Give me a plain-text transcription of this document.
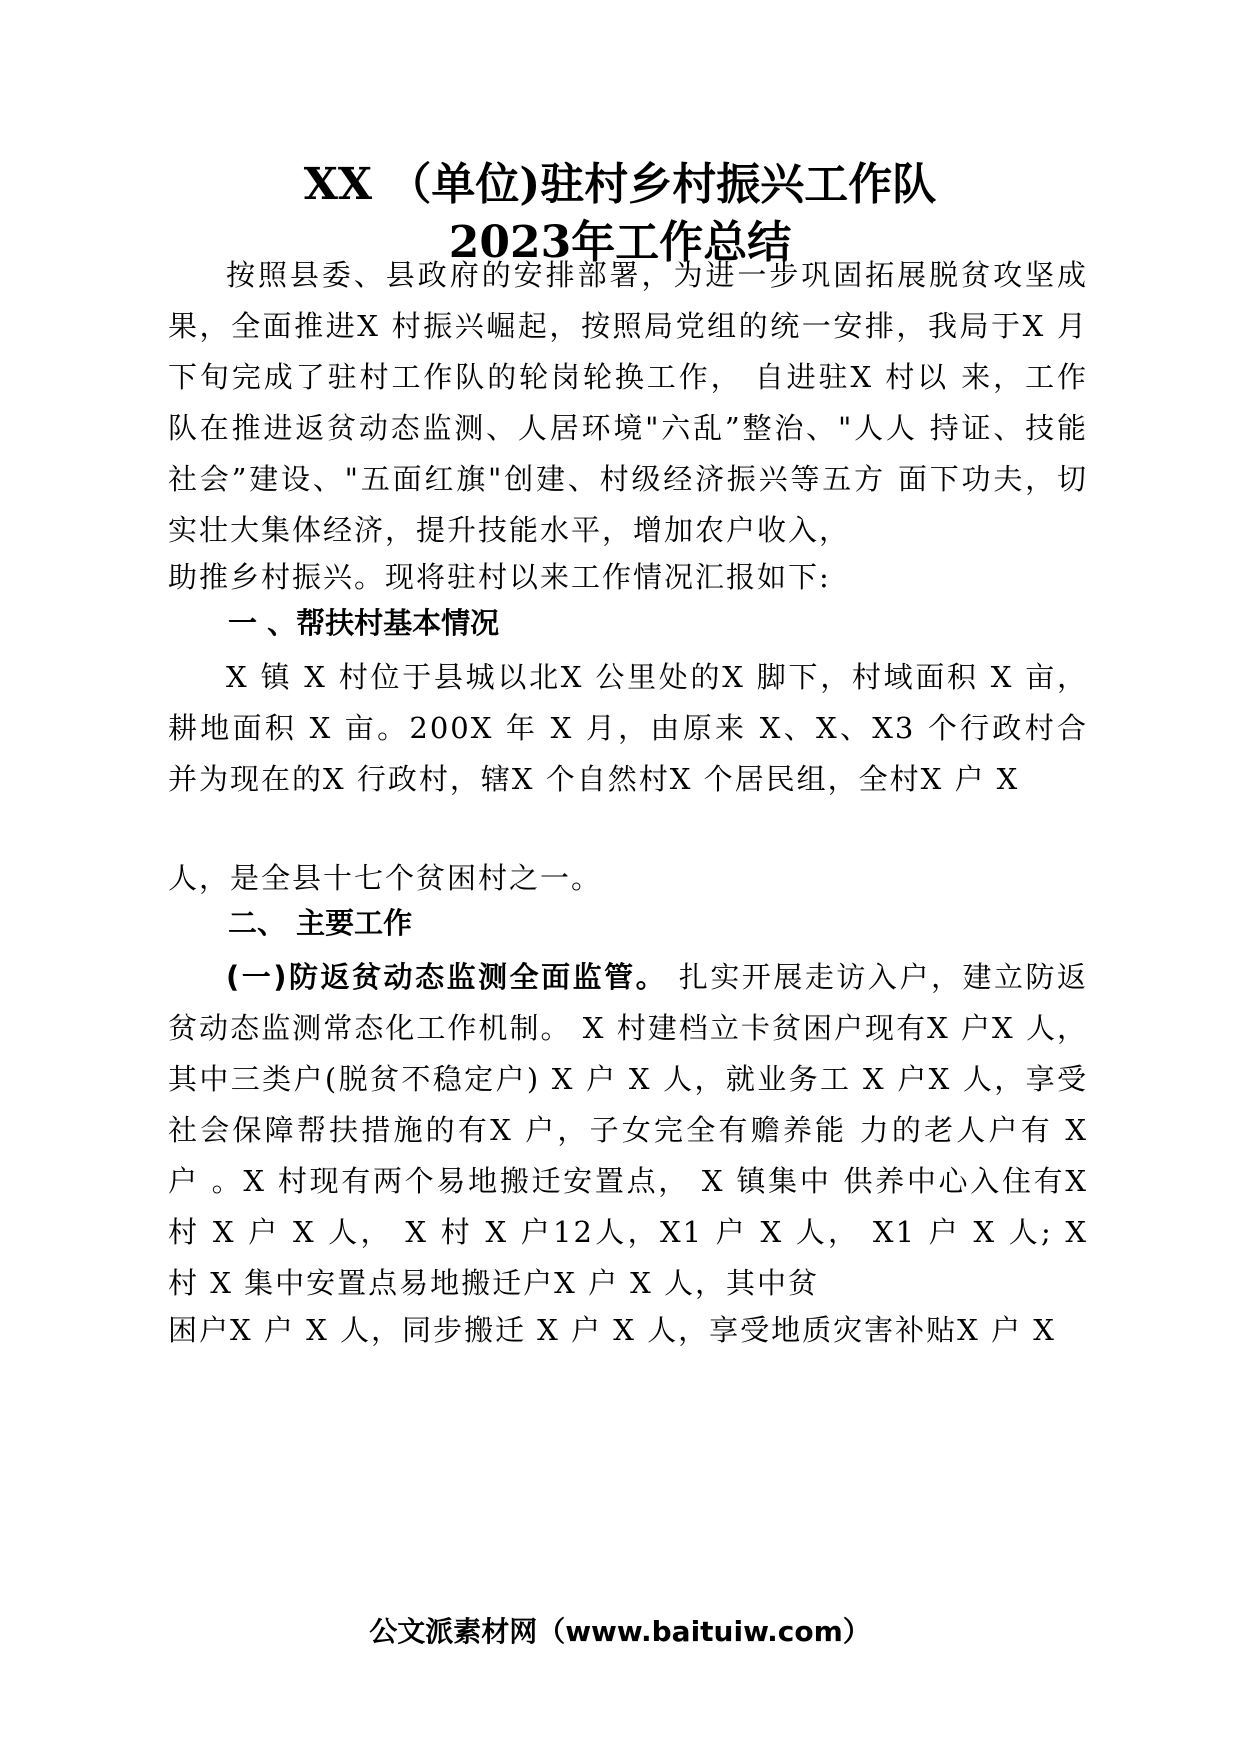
XX （单位)驻村乡村振兴工作队
2023年工作总结

按照县委、县政府的安排部署，为进一步巩固拓展脱贫攻坚成果，全面推进X 村振兴崛起，按照局党组的统一安排，我局于X 月下旬完成了驻村工作队的轮岗轮换工作， 自进驻X 村以 来，工作队在推进返贫动态监测、人居环境"六乱”整治、"人人 持证、技能社会”建设、"五面红旗"创建、村级经济振兴等五方 面下功夫，切实壮大集体经济，提升技能水平，增加农户收入，

助推乡村振兴。现将驻村以来工作情况汇报如下:

一 、帮扶村基本情况

X 镇 X 村位于县城以北X 公里处的X 脚下，村域面积 X 亩， 耕地面积 X 亩。200X 年 X 月，由原来 X、X、X3 个行政村合 并为现在的X 行政村，辖X 个自然村X 个居民组，全村X 户 X

人，是全县十七个贫困村之一。

二、 主要工作

(一)防返贫动态监测全面监管。 扎实开展走访入户，建立防返贫动态监测常态化工作机制。 X 村建档立卡贫困户现有X 户X 人，其中三类户(脱贫不稳定户) X 户 X 人，就业务工 X 户X 人，享受社会保障帮扶措施的有X 户，子女完全有赡养能 力的老人户有 X 户 。X 村现有两个易地搬迁安置点， X 镇集中 供养中心入住有X 村 X 户 X 人， X 村 X 户12人，X1 户 X 人， X1 户 X 人; X 村 X 集中安置点易地搬迁户X 户 X 人，其中贫

困户X 户 X 人，同步搬迁 X 户 X 人，享受地质灾害补贴X 户 X

公文派素材网（www.baituiw.com）
